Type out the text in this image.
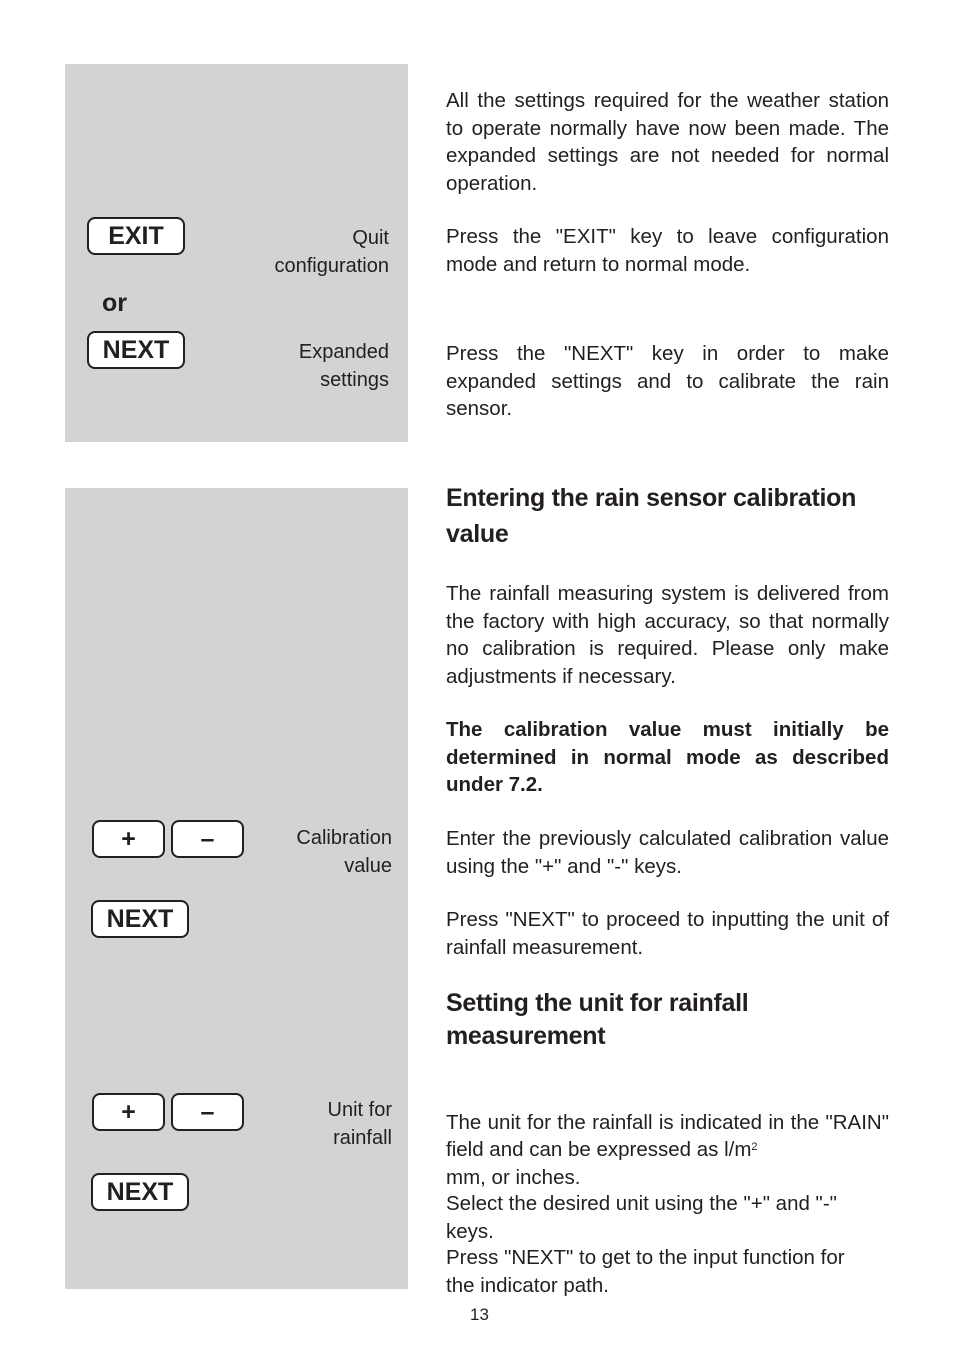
EXIT	Quit
configuration
or
NEXT	Expanded
settings
+	–	Calibration
value
NEXT
+	–	Unit for
rainfall
NEXT

All the settings required for the weather station to operate normally have now been made. The expanded settings are not needed for normal operation.

Press the "EXIT" key to leave configuration mode and return to normal mode.

Press the "NEXT" key in order to make expanded settings and to calibrate the rain sensor.

Entering the rain sensor calibration value

The rainfall measuring system is delivered from the factory with high accuracy, so that normally no calibration is required. Please only make adjustments if necessary.

The calibration value must initially be determined in normal mode as described under 7.2.

Enter the previously calculated calibration value using the "+" and "-" keys.

Press "NEXT" to proceed to inputting the unit of rainfall measurement.

Setting the unit for rainfall measurement

The unit for the rainfall is indicated in the "RAIN" field and can be expressed as $l/m^2$

mm, or inches.

Select the desired unit using the "+" and "-" keys.

Press "NEXT" to get to the input function for the indicator path.

13
